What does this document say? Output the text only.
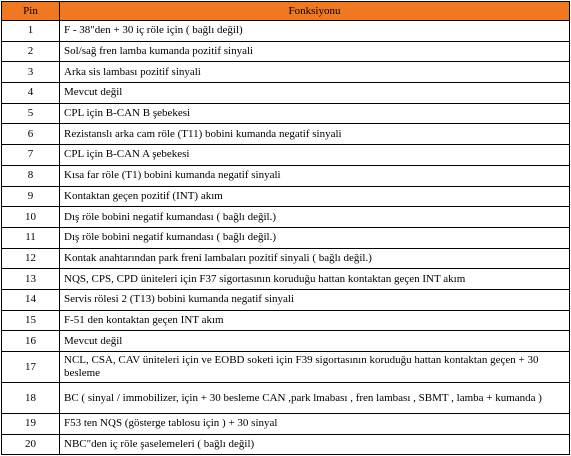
Pin	Fonksiyonu
1	F - 38"den + 30 iç röle için ( bağlı değil)
2	Sol/sağ fren lamba kumanda pozitif sinyali
3	Arka sis lambası pozitif sinyali
4	Mevcut değil
5	CPL için B-CAN B şebekesi
6	Rezistanslı arka cam röle (T11) bobini kumanda negatif sinyali
7	CPL için B-CAN A şebekesi
8	Kısa far röle (T1) bobini kumanda negatif sinyali
9	Kontaktan geçen pozitif (INT) akım
10	Dış röle bobini negatif kumandası ( bağlı değil.)
11	Dış röle bobini negatif kumandası ( bağlı değil.)
12	Kontak anahtarından park freni lambaları pozitif sinyali ( bağlı değil.)
13	NQS, CPS, CPD üniteleri için F37 sigortasının koruduğu hattan kontaktan geçen INT akım
14	Servis rölesi 2 (T13) bobini kumanda negatif sinyali
15	F-51 den kontaktan geçen INT akım
16	Mevcut değil
17	NCL, CSA, CAV üniteleri için ve EOBD soketi için F39 sigortasının koruduğu hattan kontaktan geçen + 30 besleme
18	BC ( sinyal / immobilizer, için + 30 besleme CAN ,park lmabası , fren lambası , SBMT , lamba + kumanda )
19	F53 ten NQS (gösterge tablosu için ) + 30 sinyal
20	NBC"den iç röle şaselemeleri ( bağlı değil)
